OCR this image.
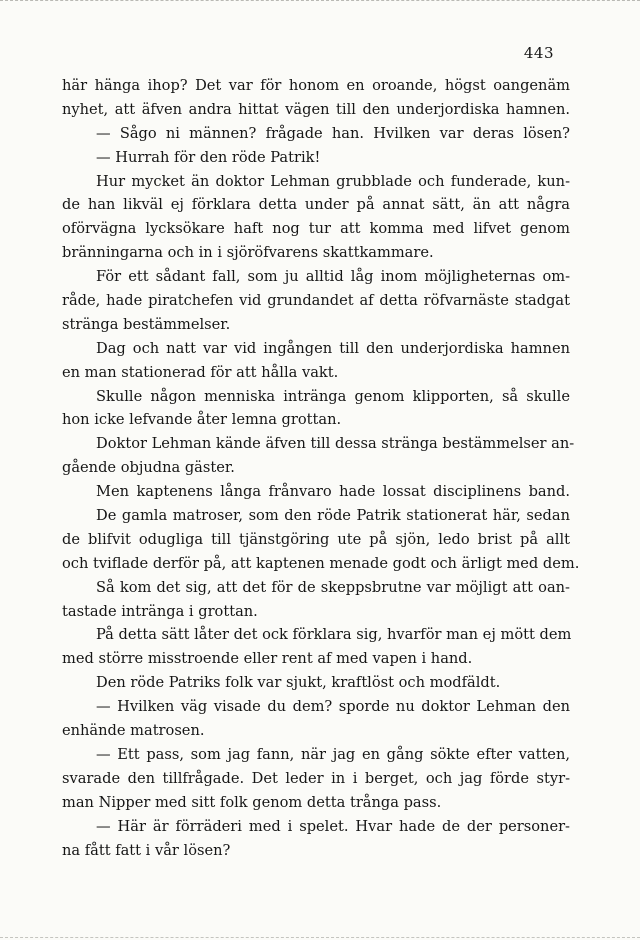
443
här hänga ihop? Det var för honom en oroande, högst oangenäm
nyhet, att äfven andra hittat vägen till den underjordiska hamnen.
— Sågo ni männen? frågade han. Hvilken var deras lösen?
— Hurrah för den röde Patrik!
Hur mycket än doktor Lehman grubblade och funderade, kun-
de han likväl ej förklara detta under på annat sätt, än att några
oförvägna lycksökare haft nog tur att komma med lifvet genom
bränningarna och in i sjöröfvarens skattkammare.
För ett sådant fall, som ju alltid låg inom möjligheternas om-
råde, hade piratchefen vid grundandet af detta röfvarnäste stadgat
stränga bestämmelser.
Dag och natt var vid ingången till den underjordiska hamnen
en man stationerad för att hålla vakt.
Skulle någon menniska inträngа genom klipporten, så skulle
hon icke lefvande åter lemna grottan.
Doktor Lehman kände äfven till dessa stränga bestämmelser an-
gående objudna gäster.
Men kaptenens långa frånvaro hade lossat disciplinens band.
De gamla matroser, som den röde Patrik stationerat här, sedan
de blifvit odugliga till tjänstgöring ute på sjön, ledo brist på allt
och tviflade derför på, att kaptenen menade godt och ärligt med dem.
Så kom det sig, att det för de skeppsbrutne var möjligt att oan-
tastade inträngа i grottan.
På detta sätt låter det ock förklara sig, hvarför man ej mött dem
med större misstroende eller rent af med vapen i hand.
Den röde Patriks folk var sjukt, kraftlöst och modfäldt.
— Hvilken väg visade du dem? sporde nu doktor Lehman den
enhände matrosen.
— Ett pass, som jag fann, när jag en gång sökte efter vatten,
svarade den tillfrågade. Det leder in i berget, och jag förde styr-
man Nipper med sitt folk genom detta trånga pass.
— Här är förräderi med i spelet. Hvar hade de der personer-
na fått fatt i vår lösen?
